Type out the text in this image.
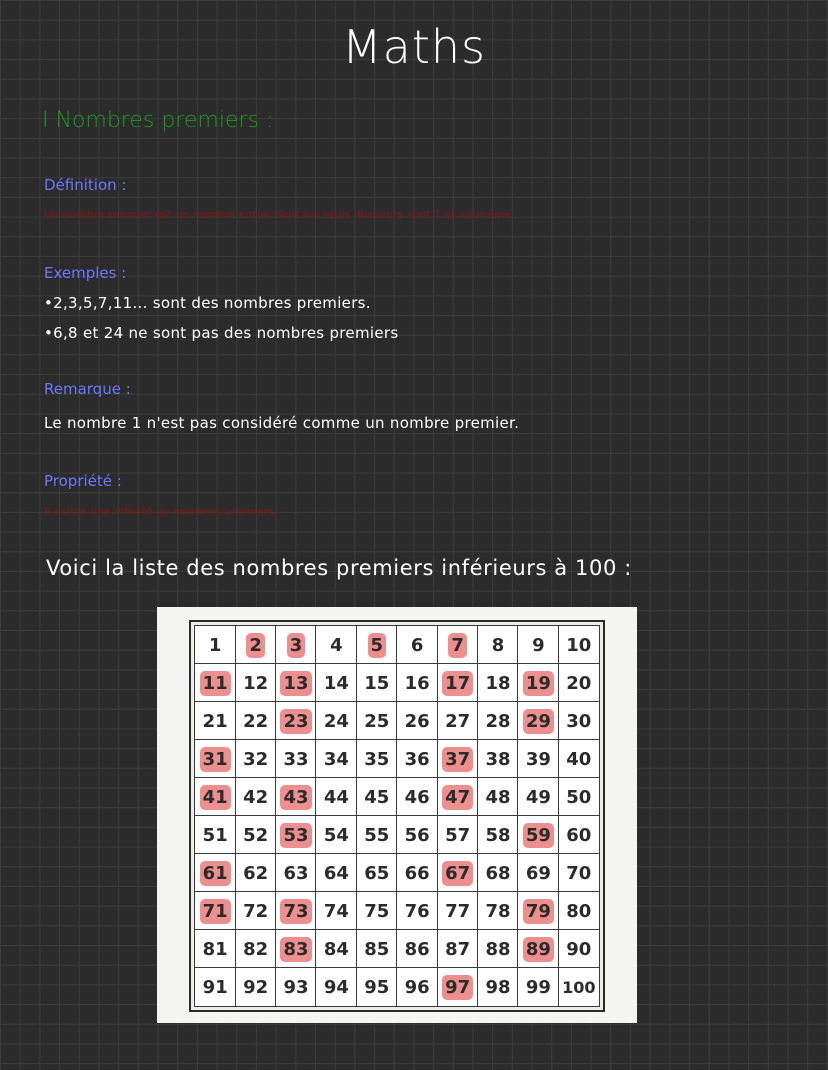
Maths
I Nombres premiers :
Définition :
Un nombre premier est un nombre entier dont les seuls diviseurs sont 1 et lui-même.
Exemples :
•2,3,5,7,11... sont des nombres premiers.
•6,8 et 24 ne sont pas des nombres premiers
Remarque :
Le nombre 1 n'est pas considéré comme un nombre premier.
Propriété :
Il existe une infinité de nombres premiers.
Voici la liste des nombres premiers inférieurs à 100 :
1 2 3 4 5 6 7 8 9 10
11 12 13 14 15 16 17 18 19 20
21 22 23 24 25 26 27 28 29 30
31 32 33 34 35 36 37 38 39 40
41 42 43 44 45 46 47 48 49 50
51 52 53 54 55 56 57 58 59 60
61 62 63 64 65 66 67 68 69 70
71 72 73 74 75 76 77 78 79 80
81 82 83 84 85 86 87 88 89 90
91 92 93 94 95 96 97 98 99 100
